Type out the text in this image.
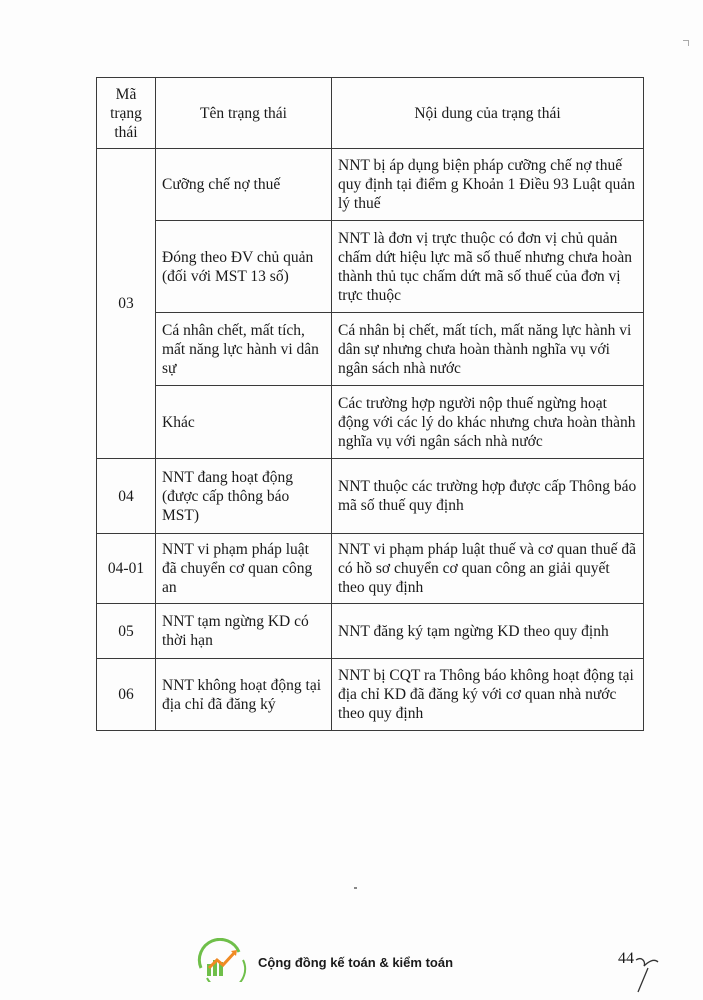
Mã trạng thái	Tên trạng thái	Nội dung của trạng thái
03	Cưỡng chế nợ thuế	NNT bị áp dụng biện pháp cưỡng chế nợ thuế quy định tại điểm g Khoản 1 Điều 93 Luật quản lý thuế
	Đóng theo ĐV chủ quản (đối với MST 13 số)	NNT là đơn vị trực thuộc có đơn vị chủ quản chấm dứt hiệu lực mã số thuế nhưng chưa hoàn thành thủ tục chấm dứt mã số thuế của đơn vị trực thuộc
	Cá nhân chết, mất tích, mất năng lực hành vi dân sự	Cá nhân bị chết, mất tích, mất năng lực hành vi dân sự nhưng chưa hoàn thành nghĩa vụ với ngân sách nhà nước
	Khác	Các trường hợp người nộp thuế ngừng hoạt động với các lý do khác nhưng chưa hoàn thành nghĩa vụ với ngân sách nhà nước
04	NNT đang hoạt động (được cấp thông báo MST)	NNT thuộc các trường hợp được cấp Thông báo mã số thuế quy định
04-01	NNT vi phạm pháp luật đã chuyển cơ quan công an	NNT vi phạm pháp luật thuế và cơ quan thuế đã có hồ sơ chuyển cơ quan công an giải quyết theo quy định
05	NNT tạm ngừng KD có thời hạn	NNT đăng ký tạm ngừng KD theo quy định
06	NNT không hoạt động tại địa chỉ đã đăng ký	NNT bị CQT ra Thông báo không hoạt động tại địa chỉ KD đã đăng ký với cơ quan nhà nước theo quy định
Cộng đồng kế toán & kiểm toán	44
